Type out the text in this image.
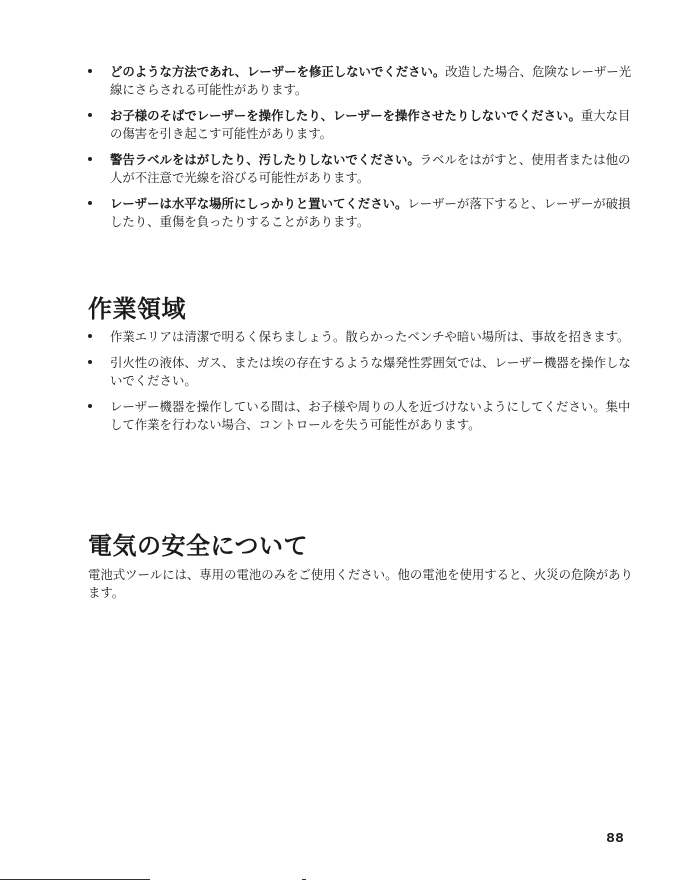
どのような方法であれ、レーザーを修正しないでください。改造した場合、危険なレーザー光線にさらされる可能性があります。
お子様のそばでレーザーを操作したり、レーザーを操作させたりしないでください。重大な目の傷害を引き起こす可能性があります。
警告ラベルをはがしたり、汚したりしないでください。ラベルをはがすと、使用者または他の人が不注意で光線を浴びる可能性があります。
レーザーは水平な場所にしっかりと置いてください。レーザーが落下すると、レーザーが破損したり、重傷を負ったりすることがあります。
作業領域
作業エリアは清潔で明るく保ちましょう。散らかったベンチや暗い場所は、事故を招きます。
引火性の液体、ガス、または埃の存在するような爆発性雰囲気では、レーザー機器を操作しないでください。
レーザー機器を操作している間は、お子様や周りの人を近づけないようにしてください。集中して作業を行わない場合、コントロールを失う可能性があります。
電気の安全について

電池式ツールには、専用の電池のみをご使用ください。他の電池を使用すると、火災の危険があります。

88
